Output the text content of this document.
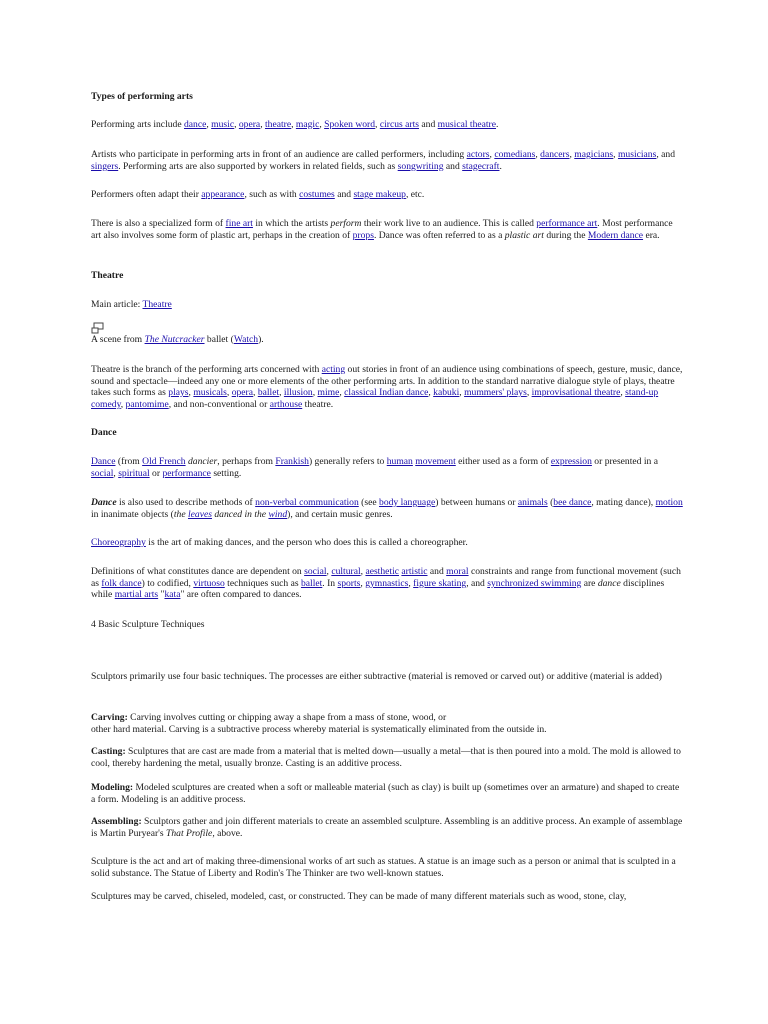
Types of performing arts

Performing arts include dance, music, opera, theatre, magic, Spoken word, circus arts and musical theatre.

Artists who participate in performing arts in front of an audience are called performers, including actors, comedians, dancers, magicians, musicians, and singers. Performing arts are also supported by workers in related fields, such as songwriting and stagecraft.

Performers often adapt their appearance, such as with costumes and stage makeup, etc.

There is also a specialized form of fine art in which the artists perform their work live to an audience. This is called performance art. Most performance art also involves some form of plastic art, perhaps in the creation of props. Dance was often referred to as a plastic art during the Modern dance era.

Theatre

Main article: Theatre

A scene from The Nutcracker ballet (Watch).

Theatre is the branch of the performing arts concerned with acting out stories in front of an audience using combinations of speech, gesture, music, dance, sound and spectacle—indeed any one or more elements of the other performing arts. In addition to the standard narrative dialogue style of plays, theatre takes such forms as plays, musicals, opera, ballet, illusion, mime, classical Indian dance, kabuki, mummers' plays, improvisational theatre, stand-up comedy, pantomime, and non-conventional or arthouse theatre.

Dance

Dance (from Old French dancier, perhaps from Frankish) generally refers to human movement either used as a form of expression or presented in a social, spiritual or performance setting.

Dance is also used to describe methods of non-verbal communication (see body language) between humans or animals (bee dance, mating dance), motion in inanimate objects (the leaves danced in the wind), and certain music genres.

Choreography is the art of making dances, and the person who does this is called a choreographer.

Definitions of what constitutes dance are dependent on social, cultural, aesthetic artistic and moral constraints and range from functional movement (such as folk dance) to codified, virtuoso techniques such as ballet. In sports, gymnastics, figure skating, and synchronized swimming are dance disciplines while martial arts "kata" are often compared to dances.

4 Basic Sculpture Techniques

Sculptors primarily use four basic techniques. The processes are either subtractive (material is removed or carved out) or additive (material is added)

Carving: Carving involves cutting or chipping away a shape from a mass of stone, wood, or
other hard material. Carving is a subtractive process whereby material is systematically eliminated from the outside in.

Casting: Sculptures that are cast are made from a material that is melted down—usually a metal—that is then poured into a mold. The mold is allowed to cool, thereby hardening the metal, usually bronze. Casting is an additive process.

Modeling: Modeled sculptures are created when a soft or malleable material (such as clay) is built up (sometimes over an armature) and shaped to create a form. Modeling is an additive process.

Assembling: Sculptors gather and join different materials to create an assembled sculpture. Assembling is an additive process. An example of assemblage is Martin Puryear's That Profile, above.

Sculpture is the act and art of making three-dimensional works of art such as statues. A statue is an image such as a person or animal that is sculpted in a solid substance. The Statue of Liberty and Rodin's The Thinker are two well-known statues.

Sculptures may be carved, chiseled, modeled, cast, or constructed. They can be made of many different materials such as wood, stone, clay,
